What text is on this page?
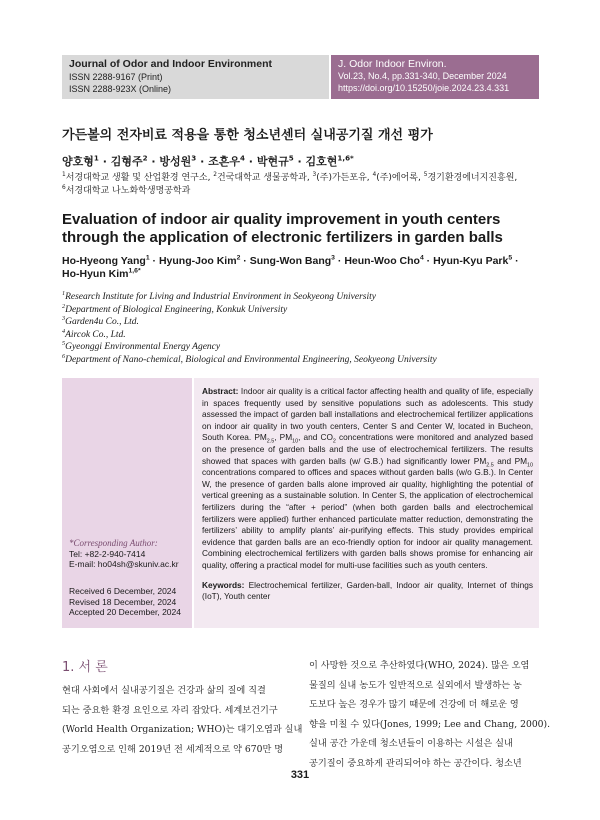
Journal of Odor and Indoor Environment
ISSN 2288-9167 (Print)
ISSN 2288-923X (Online)
J. Odor Indoor Environ.
Vol.23, No.4, pp.331-340, December 2024
https://doi.org/10.15250/joie.2024.23.4.331
가든볼의 전자비료 적용을 통한 청소년센터 실내공기질 개선 평가
양호형$^1$ · 김형주$^2$ · 방성원$^3$ · 조흔우$^4$ · 박현규$^5$ · 김호현$^{1,6*}$
$^1$서경대학교 생활 및 산업환경 연구소, $^2$건국대학교 생물공학과, $^3$(주)가든포유, $^4$(주)에어록, $^5$경기환경에너지진흥원,
$^6$서경대학교 나노화학생명공학과
Evaluation of indoor air quality improvement in youth centers
through the application of electronic fertilizers in garden balls
Ho-Hyeong Yang$^1$ · Hyung-Joo Kim$^2$ · Sung-Won Bang$^3$ · Heun-Woo Cho$^4$ · Hyun-Kyu Park$^5$ ·
Ho-Hyun Kim$^{1,6*}$
$^1$Research Institute for Living and Industrial Environment in Seokyeong University
$^2$Department of Biological Engineering, Konkuk University
$^3$Garden4u Co., Ltd.
$^4$Aircok Co., Ltd.
$^5$Gyeonggi Environmental Energy Agency
$^6$Department of Nano-chemical, Biological and Environmental Engineering, Seokyeong University
*Corresponding Author:
Tel: +82-2-940-7414
E-mail: ho04sh@skuniv.ac.kr
Received 6 December, 2024
Revised 18 December, 2024
Accepted 20 December, 2024
Abstract: Indoor air quality is a critical factor affecting health and quality of life, especially in spaces frequently used by sensitive populations such as adolescents. This study assessed the impact of garden ball installations and electrochemical fertilizer applications on indoor air quality in two youth centers, Center S and Center W, located in Bucheon, South Korea. $PM_{2.5}$, $PM_{10}$, and $CO_2$ concentrations were monitored and analyzed based on the presence of garden balls and the use of electrochemical fertilizers. The results showed that spaces with garden balls (w/ G.B.) had significantly lower $PM_{2.5}$ and $PM_{10}$ concentrations compared to offices and spaces without garden balls (w/o G.B.). In Center W, the presence of garden balls alone improved air quality, highlighting the potential of vertical greening as a sustainable solution. In Center S, the application of electrochemical fertilizers during the “after + period” (when both garden balls and electrochemical fertilizers were applied) further enhanced particulate matter reduction, demonstrating the fertilizers’ ability to amplify plants’ air-purifying effects. This study provides empirical evidence that garden balls are an eco-friendly option for indoor air quality management. Combining electrochemical fertilizers with garden balls shows promise for enhancing air quality, offering a practical model for multi-use facilities such as youth centers.
Keywords: Electrochemical fertilizer, Garden-ball, Indoor air quality, Internet of things (IoT), Youth center
1. 서 론
현대 사회에서 실내공기질은 건강과 삶의 질에 직결
되는 중요한 환경 요인으로 자리 잡았다. 세계보건기구
(World Health Organization; WHO)는 대기오염과 실내
공기오염으로 인해 2019년 전 세계적으로 약 670만 명
이 사망한 것으로 추산하였다(WHO, 2024). 많은 오염
물질의 실내 농도가 일반적으로 실외에서 발생하는 농
도보다 높은 경우가 많기 때문에 건강에 더 해로운 영
향을 미칠 수 있다(Jones, 1999; Lee and Chang, 2000).
실내 공간 가운데 청소년들이 이용하는 시설은 실내
공기질이 중요하게 관리되어야 하는 공간이다. 청소년
331
